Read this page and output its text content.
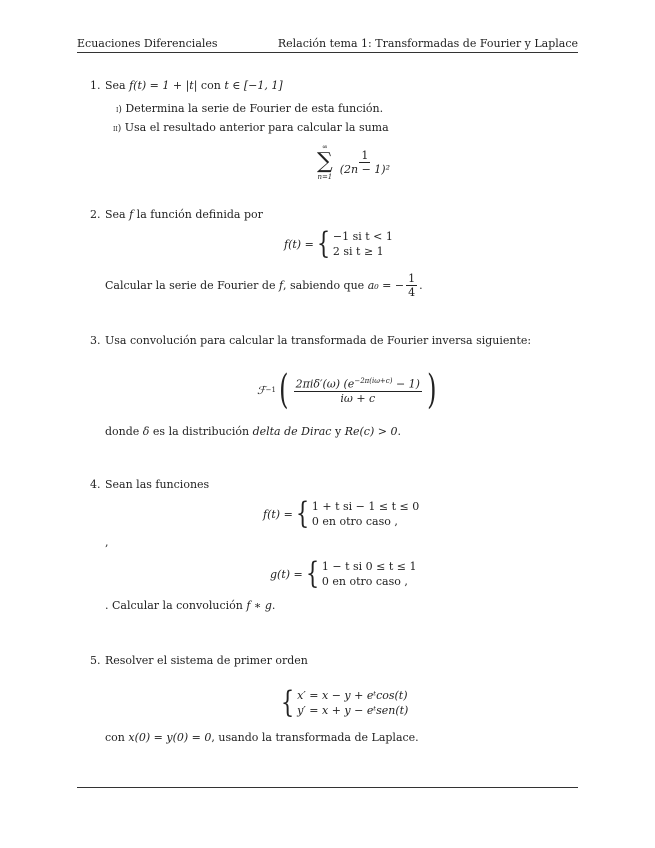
Ecuaciones Diferenciales	Relación tema 1: Transformadas de Fourier y Laplace
1. Sea f(t) = 1 + |t| con t ∈ [−1, 1]
i) Determina la serie de Fourier de esta función.
ii) Usa el resultado anterior para calcular la suma
∞
∑
n=1
$\frac{1}{\text{(2n − 1)²}}$
2. Sea f la función definida por
f(t) = { −1 si t < 1
2 si t ≥ 1
Calcular la serie de Fourier de
f , sabiendo que
a₀ = − $\frac{1}{4}$ .
3. Usa convolución para calcular la transformada de Fourier inversa siguiente:
ℱ −1 ( $\frac{2\pi i\delta'(\omega) (e^{-2\pi(i\omega+c)} - 1)}{i\omega + c}$ )
donde δ es la distribución delta de Dirac y Re(c) > 0.
4. Sean las funciones
f(t) = { 1 + t si − 1 ≤ t ≤ 0
0 en otro caso ,
,
g(t) = { 1 − t si 0 ≤ t ≤ 1
0 en otro caso ,
. Calcular la convolución f ∗ g.
5. Resolver el sistema de primer orden
{ x′ = x − y + eᵗcos(t)
y′ = x + y − eᵗsen(t)
con x(0) = y(0) = 0, usando la transformada de Laplace.
